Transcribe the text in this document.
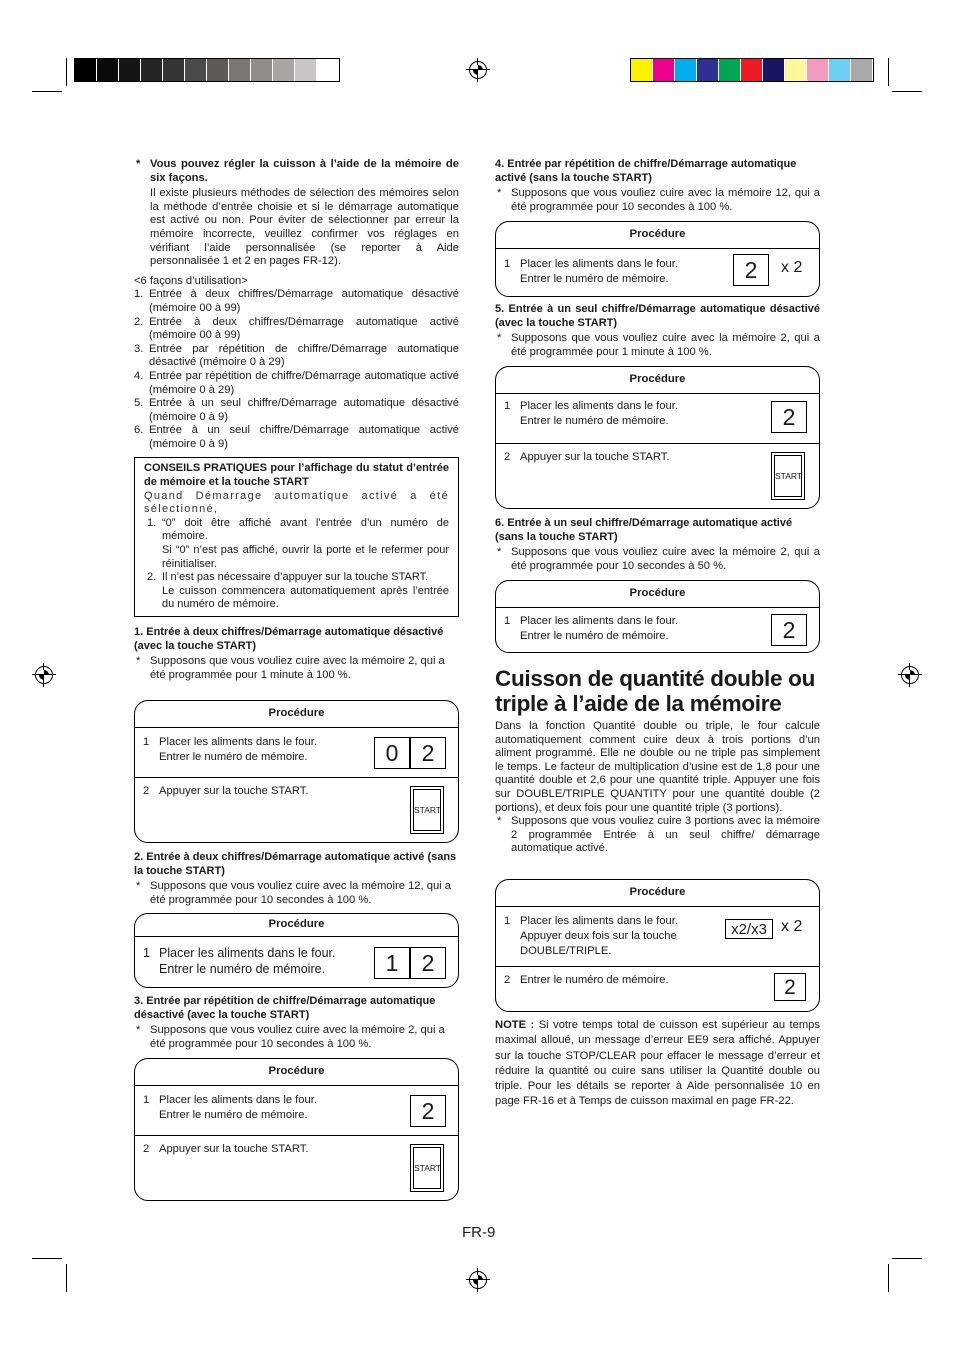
* Vous pouvez régler la cuisson à l’aide de la mémoire de six façons.

Il existe plusieurs méthodes de sélection des mémoires selon la méthode d’entrée choisie et si le démarrage automatique est activé ou non. Pour éviter de sélectionner par erreur la mémoire incorrecte, veuillez confirmer vos réglages en vérifiant l’aide personnalisée (se reporter à Aide personnalisée 1 et 2 en pages FR-12).

<6 façons d’utilisation>

1. Entrée à deux chiffres/Démarrage automatique désactivé (mémoire 00 à 99)
2. Entrée à deux chiffres/Démarrage automatique activé (mémoire 00 à 99)
3. Entrée par répétition de chiffre/Démarrage automatique désactivé (mémoire 0 à 29)
4. Entrée par répétition de chiffre/Démarrage automatique activé (mémoire 0 à 29)
5. Entrée à un seul chiffre/Démarrage automatique désactivé (mémoire 0 à 9)
6. Entrée à un seul chiffre/Démarrage automatique activé (mémoire 0 à 9)

CONSEILS PRATIQUES pour l’affichage du statut d’entrée de mémoire et la touche START

Quand Démarrage automatique activé a été sélectionné,

1. “0” doit être affiché avant l’entrée d’un numéro de mémoire.

Si “0” n’est pas affiché, ouvrir la porte et le refermer pour réinitialiser.

2. Il n’est pas nécessaire d’appuyer sur la touche START.

Le cuisson commencera automatiquement après l’entrée du numéro de mémoire.

1. Entrée à deux chiffres/Démarrage automatique désactivé (avec la touche START)

* Supposons que vous vouliez cuire avec la mémoire 2, qui a été programmée pour 1 minute à 100 %.

Procédure
1 Placer les aliments dans le four.
Entrer le numéro de mémoire.	0	2
2 Appuyer sur la touche START.
START

2. Entrée à deux chiffres/Démarrage automatique activé (sans la touche START)

* Supposons que vous vouliez cuire avec la mémoire 12, qui a été programmée pour 10 secondes à 100 %.

Procédure
1 Placer les aliments dans le four.
Entrer le numéro de mémoire.	1	2

3. Entrée par répétition de chiffre/Démarrage automatique désactivé (avec la touche START)

* Supposons que vous vouliez cuire avec la mémoire 2, qui a été programmée pour 10 secondes à 100 %.

Procédure
1 Placer les aliments dans le four.
Entrer le numéro de mémoire.	2
2 Appuyer sur la touche START.
START

4. Entrée par répétition de chiffre/Démarrage automatique activé (sans la touche START)

* Supposons que vous vouliez cuire avec la mémoire 12, qui a été programmée pour 10 secondes à 100 %.

Procédure
1 Placer les aliments dans le four.
Entrer le numéro de mémoire.	2	x 2

5. Entrée à un seul chiffre/Démarrage automatique désactivé (avec la touche START)

* Supposons que vous vouliez cuire avec la mémoire 2, qui a été programmée pour 1 minute à 100 %.

Procédure
1 Placer les aliments dans le four.
Entrer le numéro de mémoire.	2
2 Appuyer sur la touche START.
START

6. Entrée à un seul chiffre/Démarrage automatique activé (sans la touche START)

* Supposons que vous vouliez cuire avec la mémoire 2, qui a été programmée pour 10 secondes à 50 %.

Procédure
1 Placer les aliments dans le four.
Entrer le numéro de mémoire.	2
Cuisson de quantité double ou triple à l’aide de la mémoire

Dans la fonction Quantité double ou triple, le four calcule automatiquement comment cuire deux à trois portions d’un aliment programmé. Elle ne double ou ne triple pas simplement le temps. Le facteur de multiplication d’usine est de 1,8 pour une quantité double et 2,6 pour une quantité triple. Appuyer une fois sur DOUBLE/TRIPLE QUANTITY pour une quantité double (2 portions), et deux fois pour une quantité triple (3 portions).

* Supposons que vous vouliez cuire 3 portions avec la mémoire 2 programmée Entrée à un seul chiffre/ démarrage automatique activé.

Procédure
1 Placer les aliments dans le four.
Appuyer deux fois sur la touche
DOUBLE/TRIPLE.
x2/x3 x 2
2 Entrer le numéro de mémoire.	2
NOTE : Si votre temps total de cuisson est supérieur au temps maximal alloué, un message d’erreur EE9 sera affiché. Appuyer sur la touche STOP/CLEAR pour effacer le message d’erreur et réduire la quantité ou cuire sans utiliser la Quantité double ou triple. Pour les détails se reporter à Aide personnalisée 10 en page FR-16 et à Temps de cuisson maximal en page FR-22.
FR-9
